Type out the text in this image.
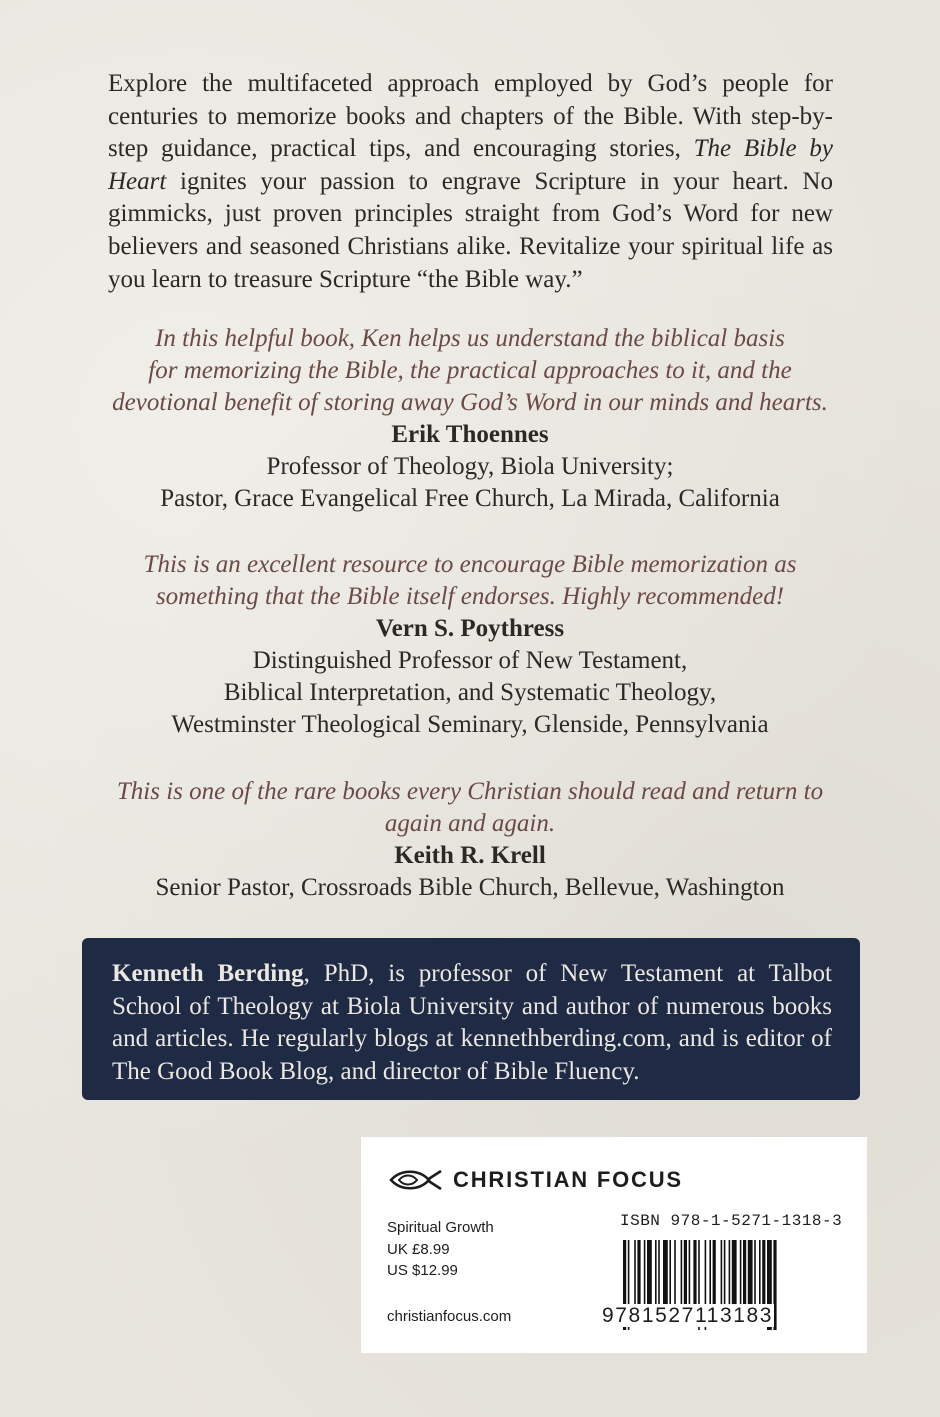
Explore the multifaceted approach employed by God’s people for centuries to memorize books and chapters of the Bible. With step-by-step guidance, practical tips, and encouraging stories, The Bible by Heart ignites your passion to engrave Scripture in your heart. No gimmicks, just proven principles straight from God’s Word for new believers and seasoned Christians alike. Revitalize your spiritual life as you learn to treasure Scripture “the Bible way.”
In this helpful book, Ken helps us understand the biblical basis
for memorizing the Bible, the practical approaches to it, and the
devotional benefit of storing away God’s Word in our minds and hearts.
Erik Thoennes
Professor of Theology, Biola University;
Pastor, Grace Evangelical Free Church, La Mirada, California
This is an excellent resource to encourage Bible memorization as
something that the Bible itself endorses. Highly recommended!
Vern S. Poythress
Distinguished Professor of New Testament,
Biblical Interpretation, and Systematic Theology,
Westminster Theological Seminary, Glenside, Pennsylvania
This is one of the rare books every Christian should read and return to
again and again.
Keith R. Krell
Senior Pastor, Crossroads Bible Church, Bellevue, Washington
Kenneth Berding, PhD, is professor of New Testament at Talbot School of Theology at Biola University and author of numerous books and articles. He regularly blogs at kennethberding.com, and is editor of The Good Book Blog, and director of Bible Fluency.
CHRISTIAN FOCUS
Spiritual Growth
UK £8.99
US $12.99
christianfocus.com
ISBN 978-1-5271-1318-3
9781527113183
